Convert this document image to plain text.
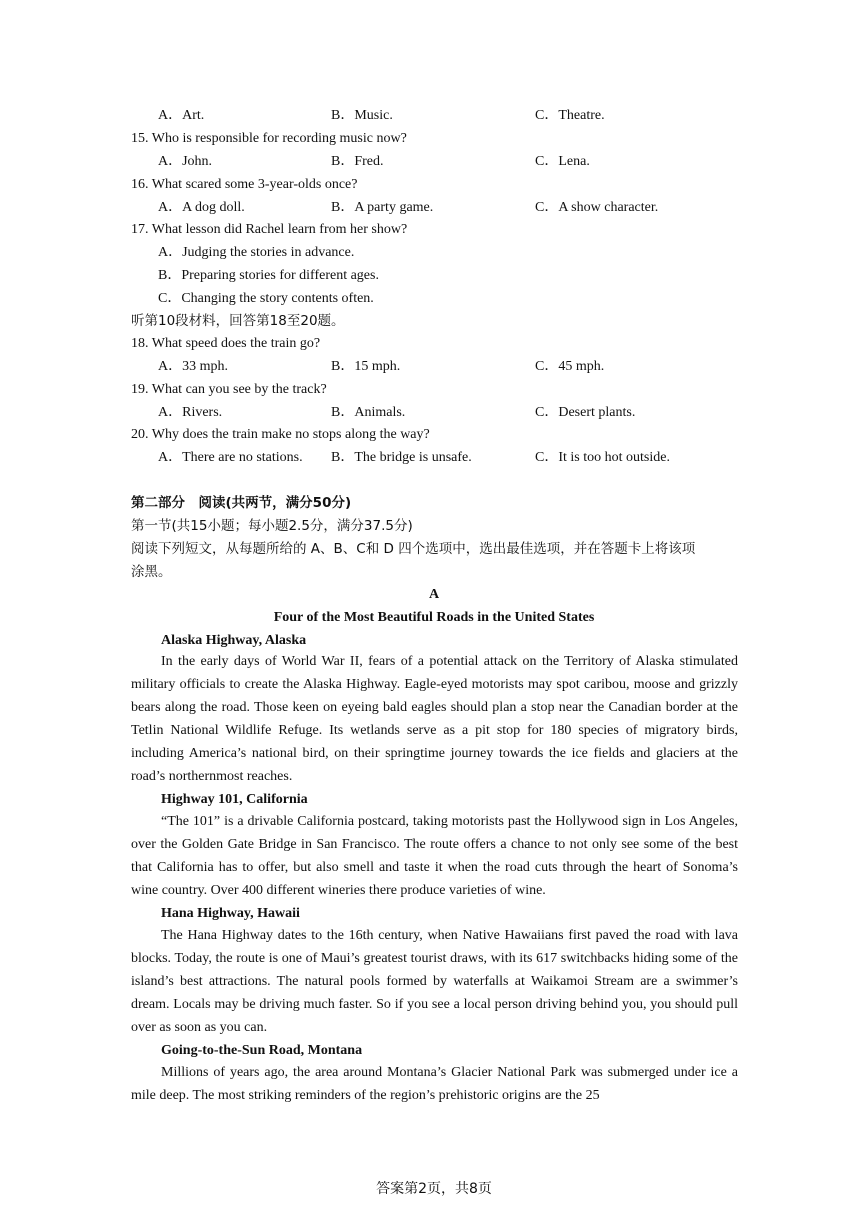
A．Art.	B．Music.	C．Theatre.
15. Who is responsible for recording music now?
A．John.	B．Fred.	C．Lena.
16. What scared some 3-year-olds once?
A．A dog doll.	B．A party game.	C．A show character.
17. What lesson did Rachel learn from her show?
A．Judging the stories in advance.
B．Preparing stories for different ages.
C．Changing the story contents often.
听第10段材料，回答第18至20题。
18. What speed does the train go?
A．33 mph.	B．15 mph.	C．45 mph.
19. What can you see by the track?
A．Rivers.	B．Animals.	C．Desert plants.
20. Why does the train make no stops along the way?
A．There are no stations. B．The bridge is unsafe.	C．It is too hot outside.
第二部分　阅读(共两节，满分50分)
第一节(共15小题；每小题2.5分，满分37.5分)
阅读下列短文，从每题所给的 A、B、C和 D 四个选项中，选出最佳选项，并在答题卡上将该项
涂黑。
A
Four of the Most Beautiful Roads in the United States
Alaska Highway, Alaska

In the early days of World War II, fears of a potential attack on the Territory of Alaska stimulated military officials to create the Alaska Highway. Eagle-eyed motorists may spot caribou, moose and grizzly bears along the road. Those keen on eyeing bald eagles should plan a stop near the Canadian border at the Tetlin National Wildlife Refuge. Its wetlands serve as a pit stop for 180 species of migratory birds, including America’s national bird, on their springtime journey towards the ice fields and glaciers at the road’s northernmost reaches.

Highway 101, California

“The 101” is a drivable California postcard, taking motorists past the Hollywood sign in Los Angeles, over the Golden Gate Bridge in San Francisco. The route offers a chance to not only see some of the best that California has to offer, but also smell and taste it when the road cuts through the heart of Sonoma’s wine country. Over 400 different wineries there produce varieties of wine.

Hana Highway, Hawaii

The Hana Highway dates to the 16th century, when Native Hawaiians first paved the road with lava blocks. Today, the route is one of Maui’s greatest tourist draws, with its 617 switchbacks hiding some of the island’s best attractions. The natural pools formed by waterfalls at Waikamoi Stream are a swimmer’s dream. Locals may be driving much faster. So if you see a local person driving behind you, you should pull over as soon as you can.

Going-to-the-Sun Road, Montana

Millions of years ago, the area around Montana’s Glacier National Park was submerged under ice a mile deep. The most striking reminders of the region’s prehistoric origins are the 25

答案第2页，共8页
